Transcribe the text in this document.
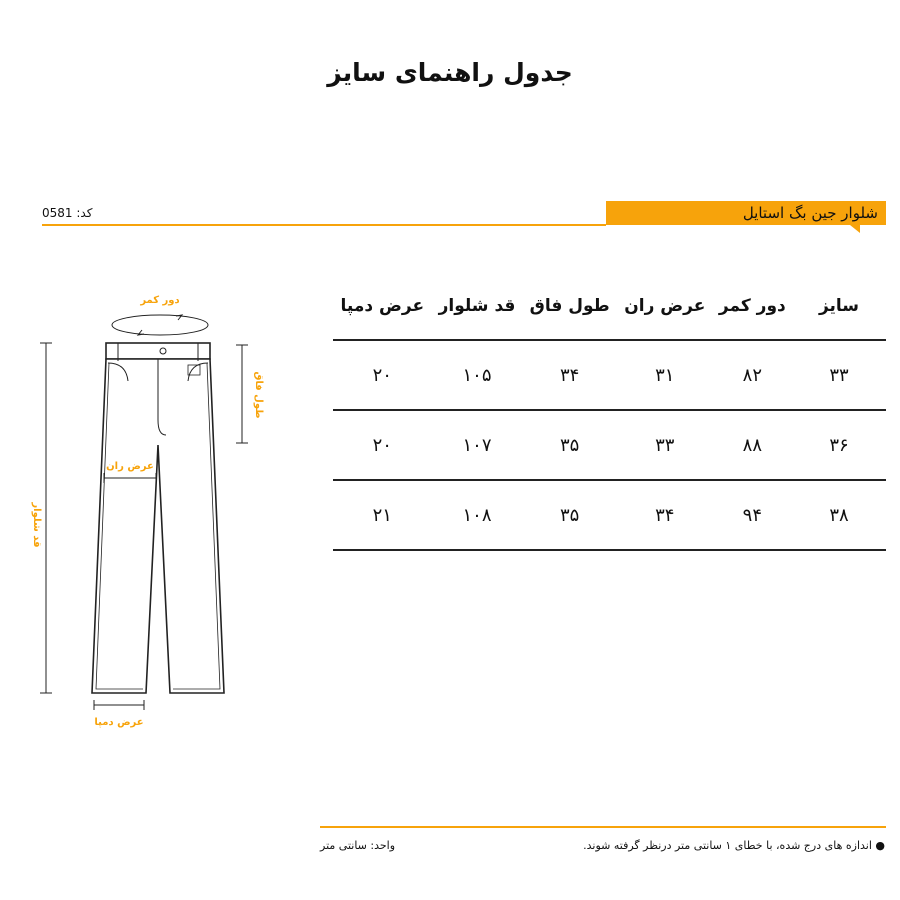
جدول راهنمای سایز
شلوار جین بگ استایل
کد: 0581
دور کمر
طول فاق
عرض ران
قد شلوار
عرض دمپا
سایز	دور کمر	عرض ران	طول فاق	قد شلوار	عرض دمپا
۳۳	۸۲	۳۱	۳۴	۱۰۵	۲۰
۳۶	۸۸	۳۳	۳۵	۱۰۷	۲۰
۳۸	۹۴	۳۴	۳۵	۱۰۸	۲۱
● اندازه های درج شده، با خطای ۱ سانتی متر درنظر گرفته شوند.
واحد: سانتی متر
